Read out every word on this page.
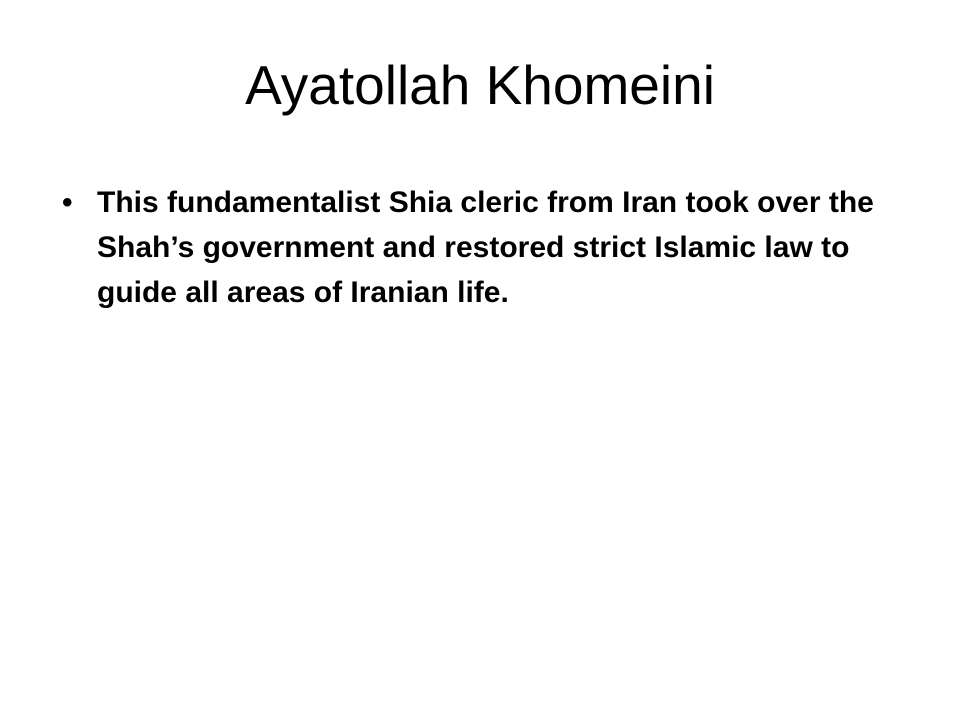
Ayatollah Khomeini
• This fundamentalist Shia cleric from Iran took over the Shah’s government and restored strict Islamic law to guide all areas of Iranian life.
